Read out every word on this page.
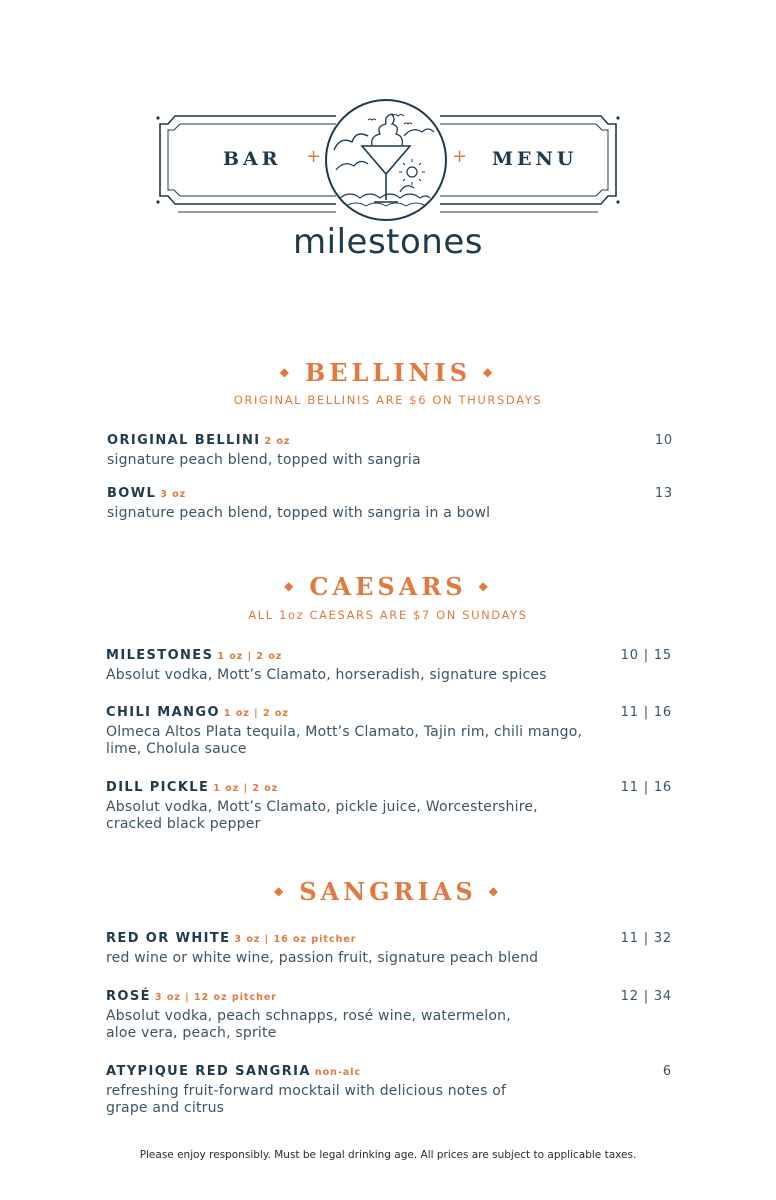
BAR +	+ MENU
milestones
◆ BELLINIS ◆
ORIGINAL BELLINIS ARE $6 ON THURSDAYS
ORIGINAL BELLINI 2 oz
signature peach blend, topped with sangria
10
BOWL 3 oz
signature peach blend, topped with sangria in a bowl
13
◆ CAESARS ◆
ALL 1oz CAESARS ARE $7 ON SUNDAYS
MILESTONES 1 oz | 2 oz
Absolut vodka, Mott’s Clamato, horseradish, signature spices
10 | 15
CHILI MANGO 1 oz | 2 oz
Olmeca Altos Plata tequila, Mott’s Clamato, Tajin rim, chili mango, lime, Cholula sauce
11 | 16
DILL PICKLE 1 oz | 2 oz
Absolut vodka, Mott’s Clamato, pickle juice, Worcestershire, cracked black pepper
11 | 16
◆ SANGRIAS ◆
RED OR WHITE 3 oz | 16 oz pitcher
red wine or white wine, passion fruit, signature peach blend
11 | 32
ROSÉ 3 oz | 12 oz pitcher
Absolut vodka, peach schnapps, rosé wine, watermelon, aloe vera, peach, sprite
12 | 34
ATYPIQUE RED SANGRIA non-alc
refreshing fruit-forward mocktail with delicious notes of grape and citrus
6
Please enjoy responsibly. Must be legal drinking age. All prices are subject to applicable taxes.
